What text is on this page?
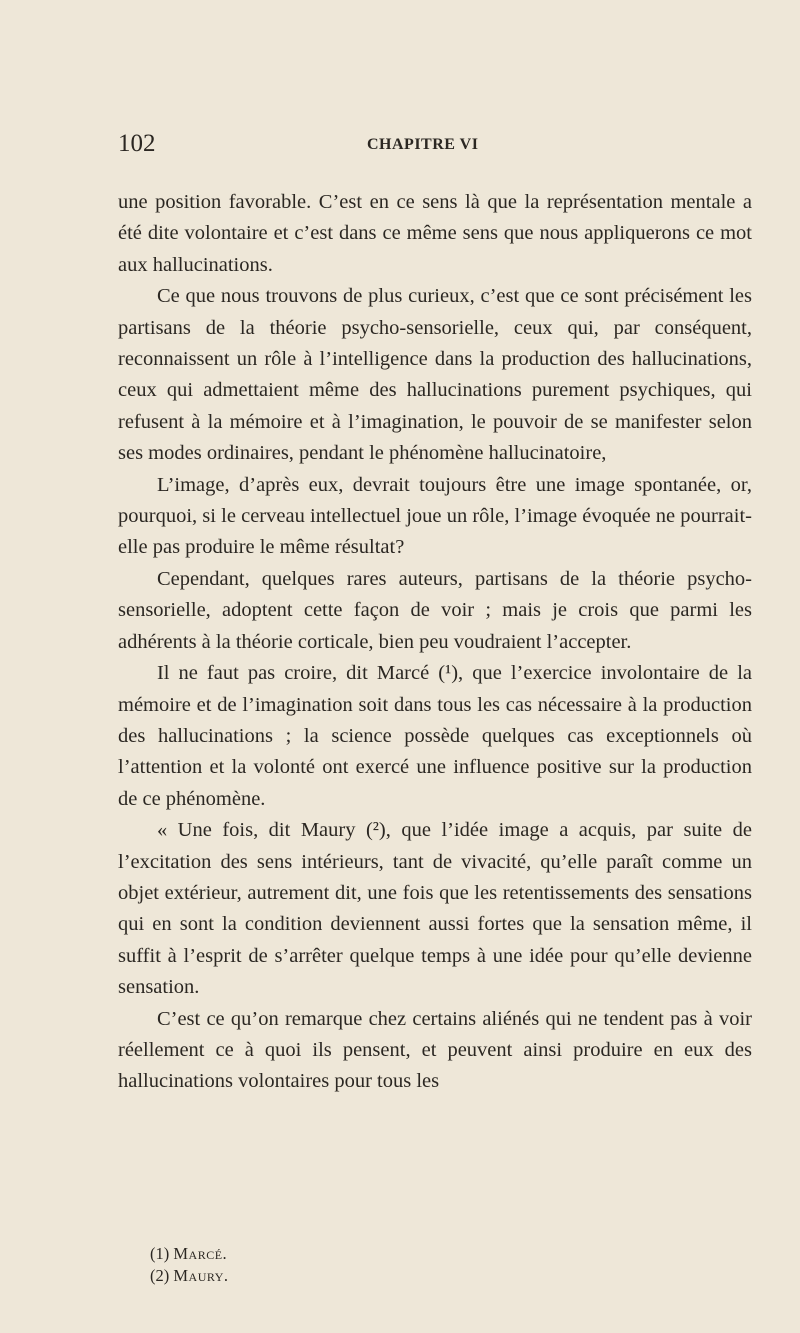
102	CHAPITRE VI

une position favorable. C’est en ce sens là que la représentation mentale a été dite volontaire et c’est dans ce même sens que nous appliquerons ce mot aux hallucinations.

Ce que nous trouvons de plus curieux, c’est que ce sont précisément les partisans de la théorie psycho-sensorielle, ceux qui, par conséquent, reconnaissent un rôle à l’intelligence dans la production des hallucinations, ceux qui admettaient même des hallucinations purement psychiques, qui refusent à la mémoire et à l’imagination, le pouvoir de se manifester selon ses modes ordinaires, pendant le phénomène hallucinatoire,

L’image, d’après eux, devrait toujours être une image spontanée, or, pourquoi, si le cerveau intellectuel joue un rôle, l’image évoquée ne pourrait-elle pas produire le même résultat?

Cependant, quelques rares auteurs, partisans de la théorie psycho-sensorielle, adoptent cette façon de voir ; mais je crois que parmi les adhérents à la théorie corticale, bien peu voudraient l’accepter.

Il ne faut pas croire, dit Marcé (¹), que l’exercice involontaire de la mémoire et de l’imagination soit dans tous les cas nécessaire à la production des hallucinations ; la science possède quelques cas exceptionnels où l’attention et la volonté ont exercé une influence positive sur la production de ce phénomène.

« Une fois, dit Maury (²), que l’idée image a acquis, par suite de l’excitation des sens intérieurs, tant de vivacité, qu’elle paraît comme un objet extérieur, autrement dit, une fois que les retentissements des sensations qui en sont la condition deviennent aussi fortes que la sensation même, il suffit à l’esprit de s’arrêter quelque temps à une idée pour qu’elle devienne sensation.

C’est ce qu’on remarque chez certains aliénés qui ne tendent pas à voir réellement ce à quoi ils pensent, et peuvent ainsi produire en eux des hallucinations volontaires pour tous les

(1) Marcé.
(2) Maury.
